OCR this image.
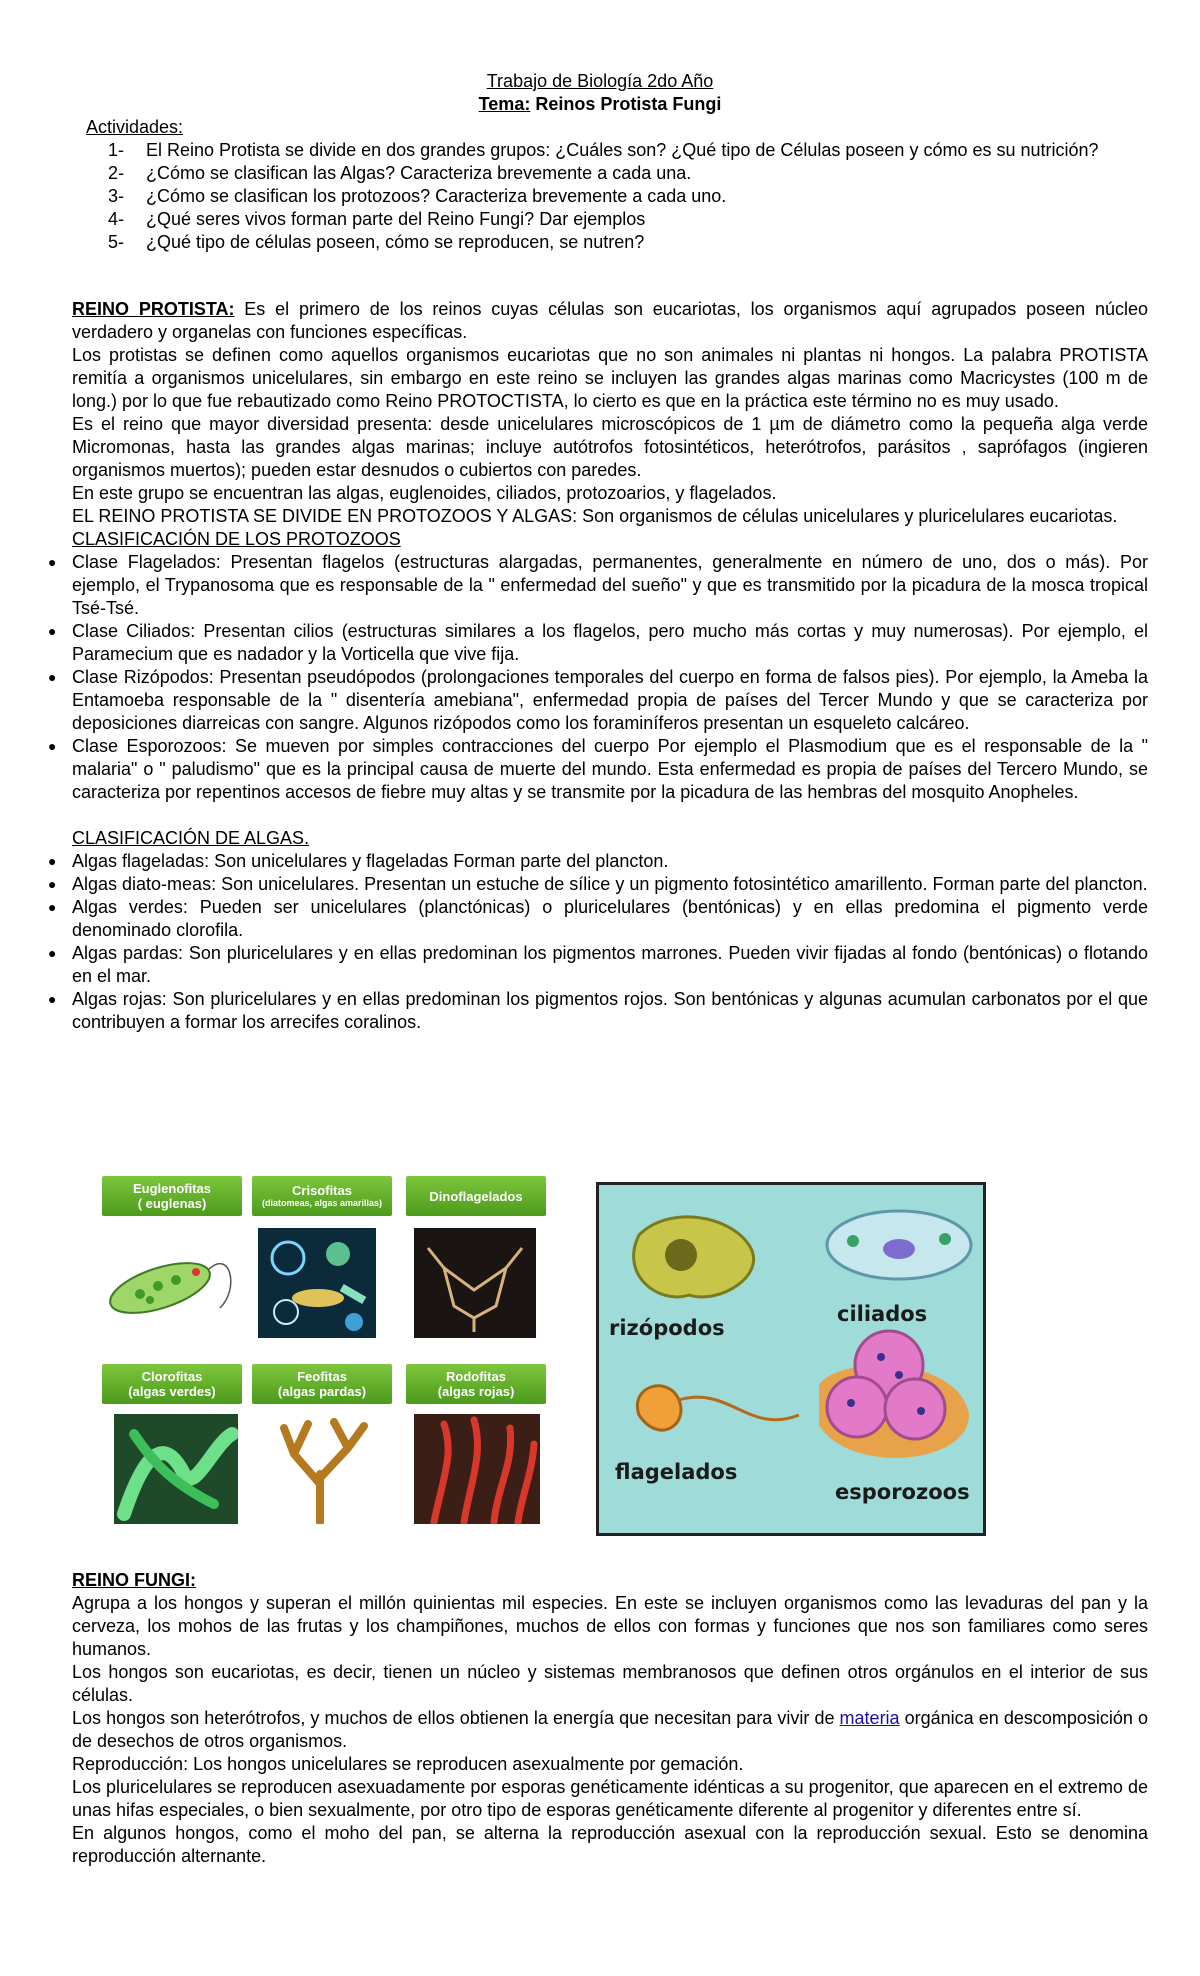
Trabajo de Biología 2do Año
Tema: Reinos Protista Fungi
Actividades:
1-	El Reino Protista se divide en dos grandes grupos: ¿Cuáles son? ¿Qué tipo de Células poseen y cómo es su nutrición?
2-	¿Cómo se clasifican las Algas? Caracteriza brevemente a cada una.
3-	¿Cómo se clasifican los protozoos? Caracteriza brevemente a cada uno.
4-	¿Qué seres vivos forman parte del Reino Fungi? Dar ejemplos
5-	¿Qué tipo de células poseen, cómo se reproducen, se nutren?

REINO PROTISTA: Es el primero de los reinos cuyas células son eucariotas, los organismos aquí agrupados poseen núcleo verdadero y organelas con funciones específicas.

Los protistas se definen como aquellos organismos eucariotas que no son animales ni plantas ni hongos. La palabra PROTISTA remitía a organismos unicelulares, sin embargo en este reino se incluyen las grandes algas marinas como Macricystes (100 m de long.) por lo que fue rebautizado como Reino PROTOCTISTA, lo cierto es que en la práctica este término no es muy usado.

Es el reino que mayor diversidad presenta: desde unicelulares microscópicos de 1 µm de diámetro como la pequeña alga verde Micromonas, hasta las grandes algas marinas; incluye autótrofos fotosintéticos, heterótrofos, parásitos , saprófagos (ingieren organismos muertos); pueden estar desnudos o cubiertos con paredes.

En este grupo se encuentran las algas, euglenoides, ciliados, protozoarios, y flagelados.

EL REINO PROTISTA SE DIVIDE EN PROTOZOOS Y ALGAS: Son organismos de células unicelulares y pluricelulares eucariotas.

CLASIFICACIÓN DE LOS PROTOZOOS

● Clase Flagelados: Presentan flagelos (estructuras alargadas, permanentes, generalmente en número de uno, dos o más). Por ejemplo, el Trypanosoma que es responsable de la " enfermedad del sueño" y que es transmitido por la picadura de la mosca tropical Tsé-Tsé.
● Clase Ciliados: Presentan cilios (estructuras similares a los flagelos, pero mucho más cortas y muy numerosas). Por ejemplo, el Paramecium que es nadador y la Vorticella que vive fija.
● Clase Rizópodos: Presentan pseudópodos (prolongaciones temporales del cuerpo en forma de falsos pies). Por ejemplo, la Ameba la Entamoeba responsable de la " disentería amebiana", enfermedad propia de países del Tercer Mundo y que se caracteriza por deposiciones diarreicas con sangre. Algunos rizópodos como los foraminíferos presentan un esqueleto calcáreo.
● Clase Esporozoos: Se mueven por simples contracciones del cuerpo Por ejemplo el Plasmodium que es el responsable de la " malaria" o " paludismo" que es la principal causa de muerte del mundo. Esta enfermedad es propia de países del Tercero Mundo, se caracteriza por repentinos accesos de fiebre muy altas y se transmite por la picadura de las hembras del mosquito Anopheles.

CLASIFICACIÓN DE ALGAS.

● Algas flageladas: Son unicelulares y flageladas Forman parte del plancton.
● Algas diato-meas: Son unicelulares. Presentan un estuche de sílice y un pigmento fotosintético amarillento. Forman parte del plancton.
● Algas verdes: Pueden ser unicelulares (planctónicas) o pluricelulares (bentónicas) y en ellas predomina el pigmento verde denominado clorofila.
● Algas pardas: Son pluricelulares y en ellas predominan los pigmentos marrones. Pueden vivir fijadas al fondo (bentónicas) o flotando en el mar.
● Algas rojas: Son pluricelulares y en ellas predominan los pigmentos rojos. Son bentónicas y algunas acumulan carbonatos por el que contribuyen a formar los arrecifes coralinos.
Euglenofitas
( euglenas)
Crisofitas
(diatomeas, algas amarillas)	Dinoflagelados
Clorofitas
(algas verdes)
Feofitas
(algas pardas)
Rodofitas
(algas rojas)
rizópodos
ciliados
flagelados
esporozoos

REINO FUNGI:

Agrupa a los hongos y superan el millón quinientas mil especies. En este se incluyen organismos como las levaduras del pan y la cerveza, los mohos de las frutas y los champiñones, muchos de ellos con formas y funciones que nos son familiares como seres humanos.

Los hongos son eucariotas, es decir, tienen un núcleo y sistemas membranosos que definen otros orgánulos en el interior de sus células.

Los hongos son heterótrofos, y muchos de ellos obtienen la energía que necesitan para vivir de materia orgánica en descomposición o de desechos de otros organismos.

Reproducción: Los hongos unicelulares se reproducen asexualmente por gemación.

Los pluricelulares se reproducen asexuadamente por esporas genéticamente idénticas a su progenitor, que aparecen en el extremo de unas hifas especiales, o bien sexualmente, por otro tipo de esporas genéticamente diferente al progenitor y diferentes entre sí.

En algunos hongos, como el moho del pan, se alterna la reproducción asexual con la reproducción sexual. Esto se denomina reproducción alternante.
